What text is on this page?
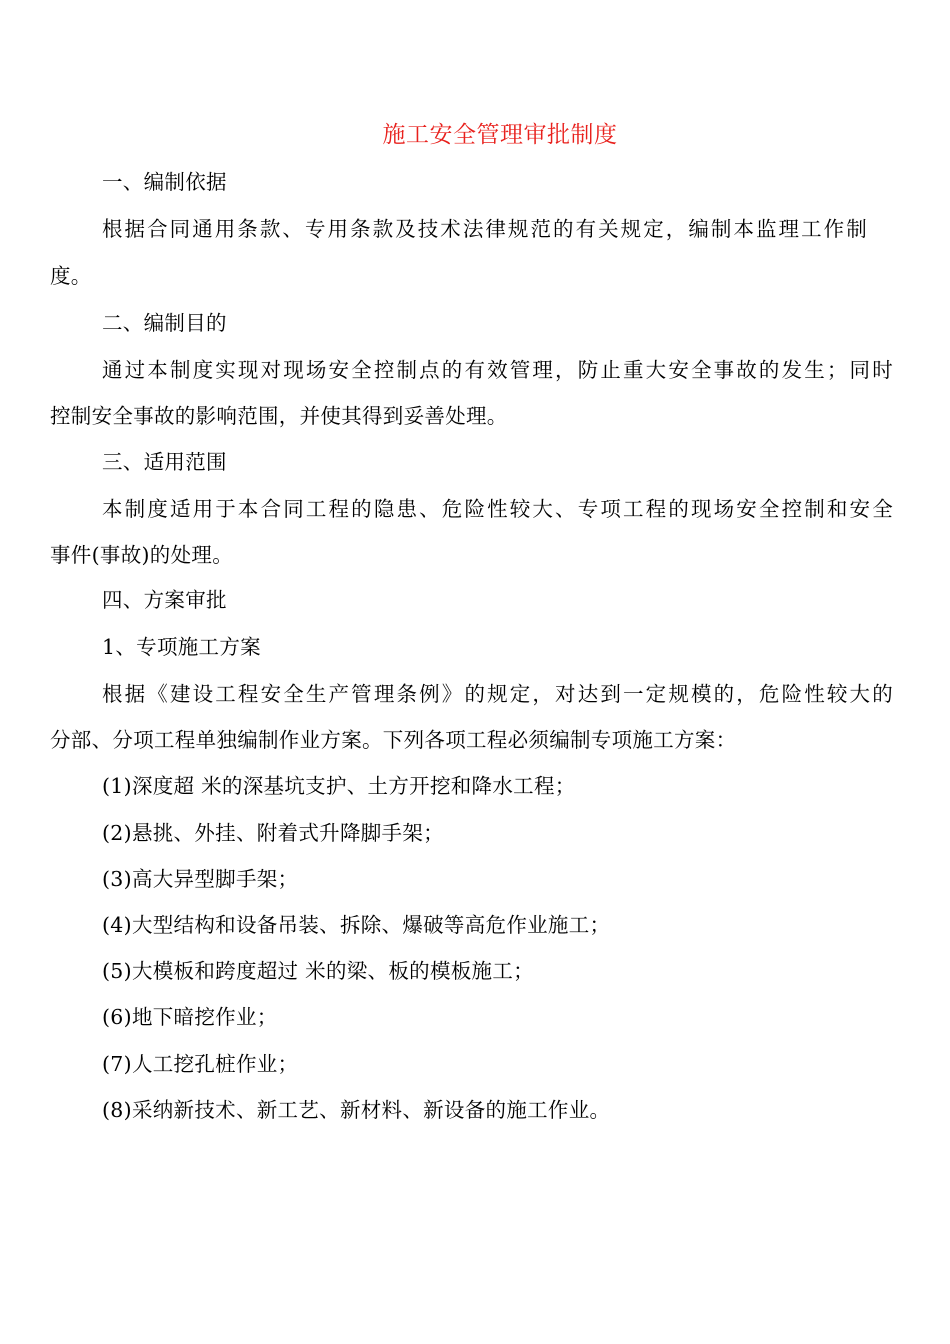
施工安全管理审批制度
一、编制依据
根据合同通用条款、专用条款及技术法律规范的有关规定，编制本监理工作制
度。
二、编制目的
通过本制度实现对现场安全控制点的有效管理，防止重大安全事故的发生；同时
控制安全事故的影响范围，并使其得到妥善处理。
三、适用范围
本制度适用于本合同工程的隐患、危险性较大、专项工程的现场安全控制和安全
事件(事故)的处理。
四、方案审批
1、专项施工方案
根据《建设工程安全生产管理条例》的规定，对达到一定规模的，危险性较大的
分部、分项工程单独编制作业方案。下列各项工程必须编制专项施工方案：
(1)深度超 米的深基坑支护、土方开挖和降水工程；
(2)悬挑、外挂、附着式升降脚手架；
(3)高大异型脚手架；
(4)大型结构和设备吊装、拆除、爆破等高危作业施工；
(5)大模板和跨度超过 米的梁、板的模板施工；
(6)地下暗挖作业；
(7)人工挖孔桩作业；
(8)采纳新技术、新工艺、新材料、新设备的施工作业。
